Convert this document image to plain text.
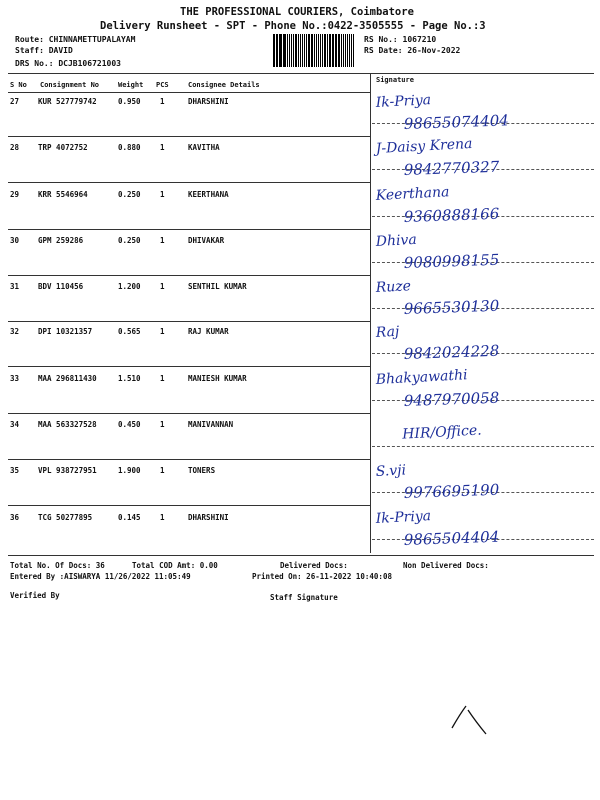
THE PROFESSIONAL COURIERS, Coimbatore
Delivery Runsheet - SPT - Phone No.:0422-3505555 - Page No.:3
Route: CHINNAMETTUPALAYAM
Staff: DAVID
DRS No.: DCJB106721003
RS No.: 1067210
RS Date: 26-Nov-2022
S No Consignment No	Weight PCS	Consignee Details
Signature
27	KUR 527779742	0.950	1	DHARSHINI	Ik-Priya
98655074404
28	TRP 4072752	0.880	1	KAVITHA	J-Daisy Krena
9842770327
29	KRR 5546964	0.250	1	KEERTHANA	Keerthana
9360888166
30	GPM 259286	0.250	1	DHIVAKAR	Dhiva
9080998155
31	BDV 110456	1.200	1	SENTHIL KUMAR	Ruze
9665530130
32	DPI 10321357	0.565	1	RAJ KUMAR	Raj
9842024228
33	MAA 296811430	1.510	1	MANIESH KUMAR	Bhakyawathi
9487970058
34	MAA 563327528	0.450	1	MANIVANNAN	HIR/Office.
35	VPL 938727951	1.900	1	TONERS	S.vji
9976695190
36	TCG 50277895	0.145	1	DHARSHINI	Ik-Priya
9865504404
Total No. Of Docs: 36	Total COD Amt: 0.00	Delivered Docs:	Non Delivered Docs:
Entered By :AISWARYA 11/26/2022 11:05:49	Printed On: 26-11-2022 10:40:08
Verified By	Staff Signature
